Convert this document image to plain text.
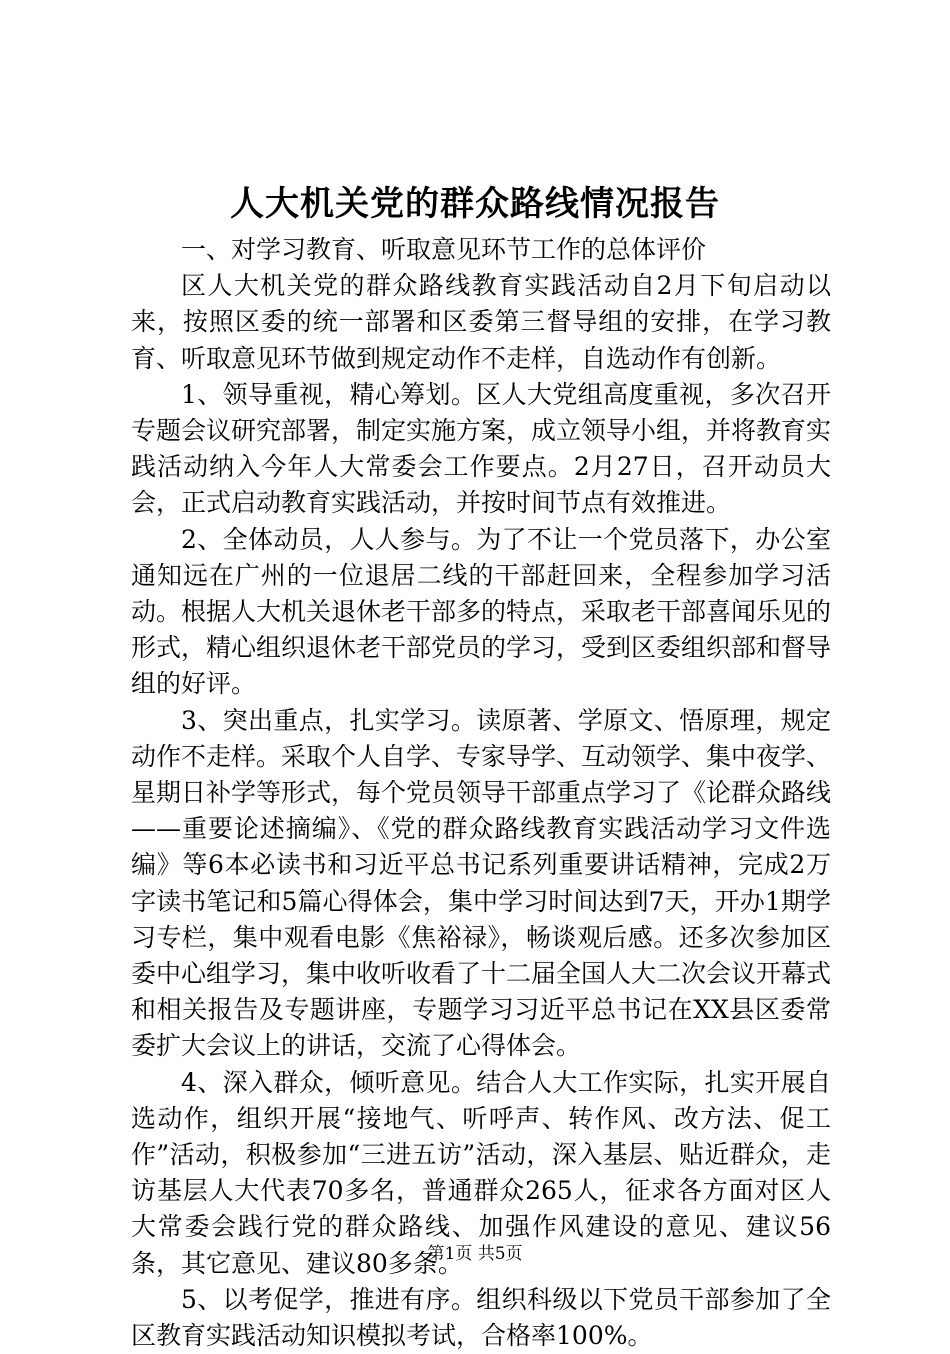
人大机关党的群众路线情况报告

一、对学习教育、听取意见环节工作的总体评价

区人大机关党的群众路线教育实践活动自2月下旬启动以来，按照区委的统一部署和区委第三督导组的安排，在学习教育、听取意见环节做到规定动作不走样，自选动作有创新。

1、领导重视，精心筹划。区人大党组高度重视，多次召开专题会议研究部署，制定实施方案，成立领导小组，并将教育实践活动纳入今年人大常委会工作要点。2月27日，召开动员大会，正式启动教育实践活动，并按时间节点有效推进。

2、全体动员，人人参与。为了不让一个党员落下，办公室通知远在广州的一位退居二线的干部赶回来，全程参加学习活动。根据人大机关退休老干部多的特点，采取老干部喜闻乐见的形式，精心组织退休老干部党员的学习，受到区委组织部和督导组的好评。

3、突出重点，扎实学习。读原著、学原文、悟原理，规定动作不走样。采取个人自学、专家导学、互动领学、集中夜学、星期日补学等形式，每个党员领导干部重点学习了《论群众路线——重要论述摘编》、《党的群众路线教育实践活动学习文件选编》等6本必读书和习近平总书记系列重要讲话精神，完成2万字读书笔记和5篇心得体会，集中学习时间达到7天，开办1期学习专栏，集中观看电影《焦裕禄》，畅谈观后感。还多次参加区委中心组学习，集中收听收看了十二届全国人大二次会议开幕式和相关报告及专题讲座，专题学习习近平总书记在XX县区委常委扩大会议上的讲话，交流了心得体会。

4、深入群众，倾听意见。结合人大工作实际，扎实开展自选动作，组织开展“接地气、听呼声、转作风、改方法、促工作”活动，积极参加“三进五访”活动，深入基层、贴近群众，走访基层人大代表70多名，普通群众265人，征求各方面对区人大常委会践行党的群众路线、加强作风建设的意见、建议56条，其它意见、建议80多条。

5、以考促学，推进有序。组织科级以下党员干部参加了全区教育实践活动知识模拟考试，合格率100%。

第1页 共5页
